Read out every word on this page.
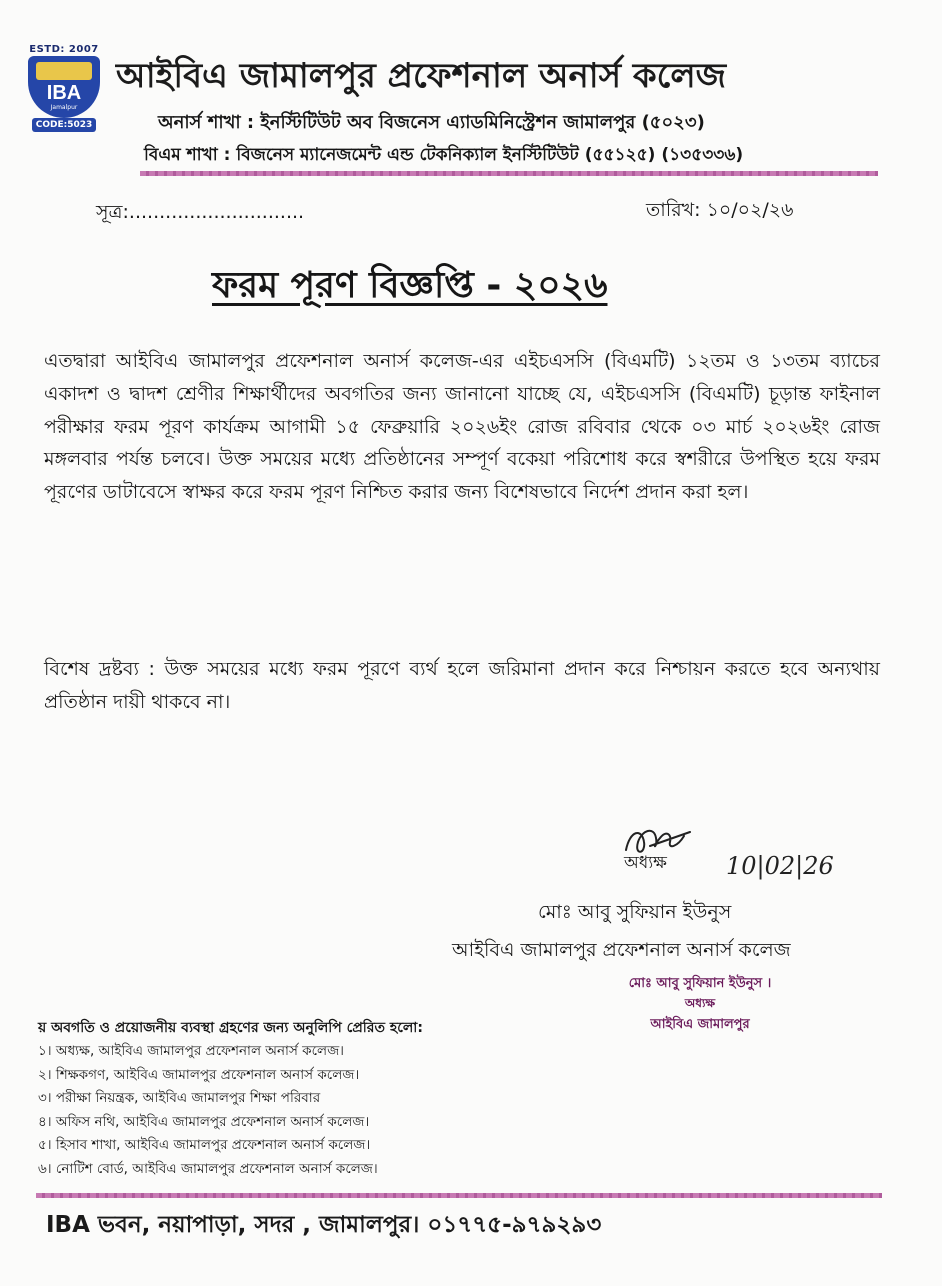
ESTD: 2007
IBA
Jamalpur
CODE:5023
আইবিএ জামালপুর প্রফেশনাল অনার্স কলেজ
অনার্স শাখা : ইনস্টিটিউট অব বিজনেস এ্যাডমিনিস্ট্রেশন জামালপুর (৫০২৩)
বিএম শাখা : বিজনেস ম্যানেজমেন্ট এন্ড টেকনিক্যাল ইনস্টিটিউট (৫৫১২৫) (১৩৫৩৩৬)
সূত্র:.............................	তারিখ: ১০/০২/২৬
ফরম পূরণ বিজ্ঞপ্তি - ২০২৬
এতদ্বারা আইবিএ জামালপুর প্রফেশনাল অনার্স কলেজ-এর এইচএসসি (বিএমটি) ১২তম ও ১৩তম ব্যাচের একাদশ ও দ্বাদশ শ্রেণীর শিক্ষার্থীদের অবগতির জন্য জানানো যাচ্ছে যে, এইচএসসি (বিএমটি) চূড়ান্ত ফাইনাল পরীক্ষার ফরম পূরণ কার্যক্রম আগামী ১৫ ফেব্রুয়ারি ২০২৬ইং রোজ রবিবার থেকে ০৩ মার্চ ২০২৬ইং রোজ মঙ্গলবার পর্যন্ত চলবে। উক্ত সময়ের মধ্যে প্রতিষ্ঠানের সম্পূর্ণ বকেয়া পরিশোধ করে স্বশরীরে উপস্থিত হয়ে ফরম পূরণের ডাটাবেসে স্বাক্ষর করে ফরম পূরণ নিশ্চিত করার জন্য বিশেষভাবে নির্দেশ প্রদান করা হল।
বিশেষ দ্রষ্টব্য : উক্ত সময়ের মধ্যে ফরম পূরণে ব্যর্থ হলে জরিমানা প্রদান করে নিশ্চায়ন করতে হবে অন্যথায় প্রতিষ্ঠান দায়ী থাকবে না।
অধ্যক্ষ 10|02|26
মোঃ আবু সুফিয়ান ইউনুস
আইবিএ জামালপুর প্রফেশনাল অনার্স কলেজ
মোঃ আবু সুফিয়ান ইউনুস ।
অধ্যক্ষ
আইবিএ জামালপুর
য় অবগতি ও প্রয়োজনীয় ব্যবস্থা গ্রহণের জন্য অনুলিপি প্রেরিত হলো:
১। অধ্যক্ষ, আইবিএ জামালপুর প্রফেশনাল অনার্স কলেজ।
২। শিক্ষকগণ, আইবিএ জামালপুর প্রফেশনাল অনার্স কলেজ।
৩। পরীক্ষা নিয়ন্ত্রক, আইবিএ জামালপুর শিক্ষা পরিবার
৪। অফিস নথি, আইবিএ জামালপুর প্রফেশনাল অনার্স কলেজ।
৫। হিসাব শাখা, আইবিএ জামালপুর প্রফেশনাল অনার্স কলেজ।
৬। নোটিশ বোর্ড, আইবিএ জামালপুর প্রফেশনাল অনার্স কলেজ।
IBA ভবন, নয়াপাড়া, সদর , জামালপুর। ০১৭৭৫-৯৭৯২৯৩
